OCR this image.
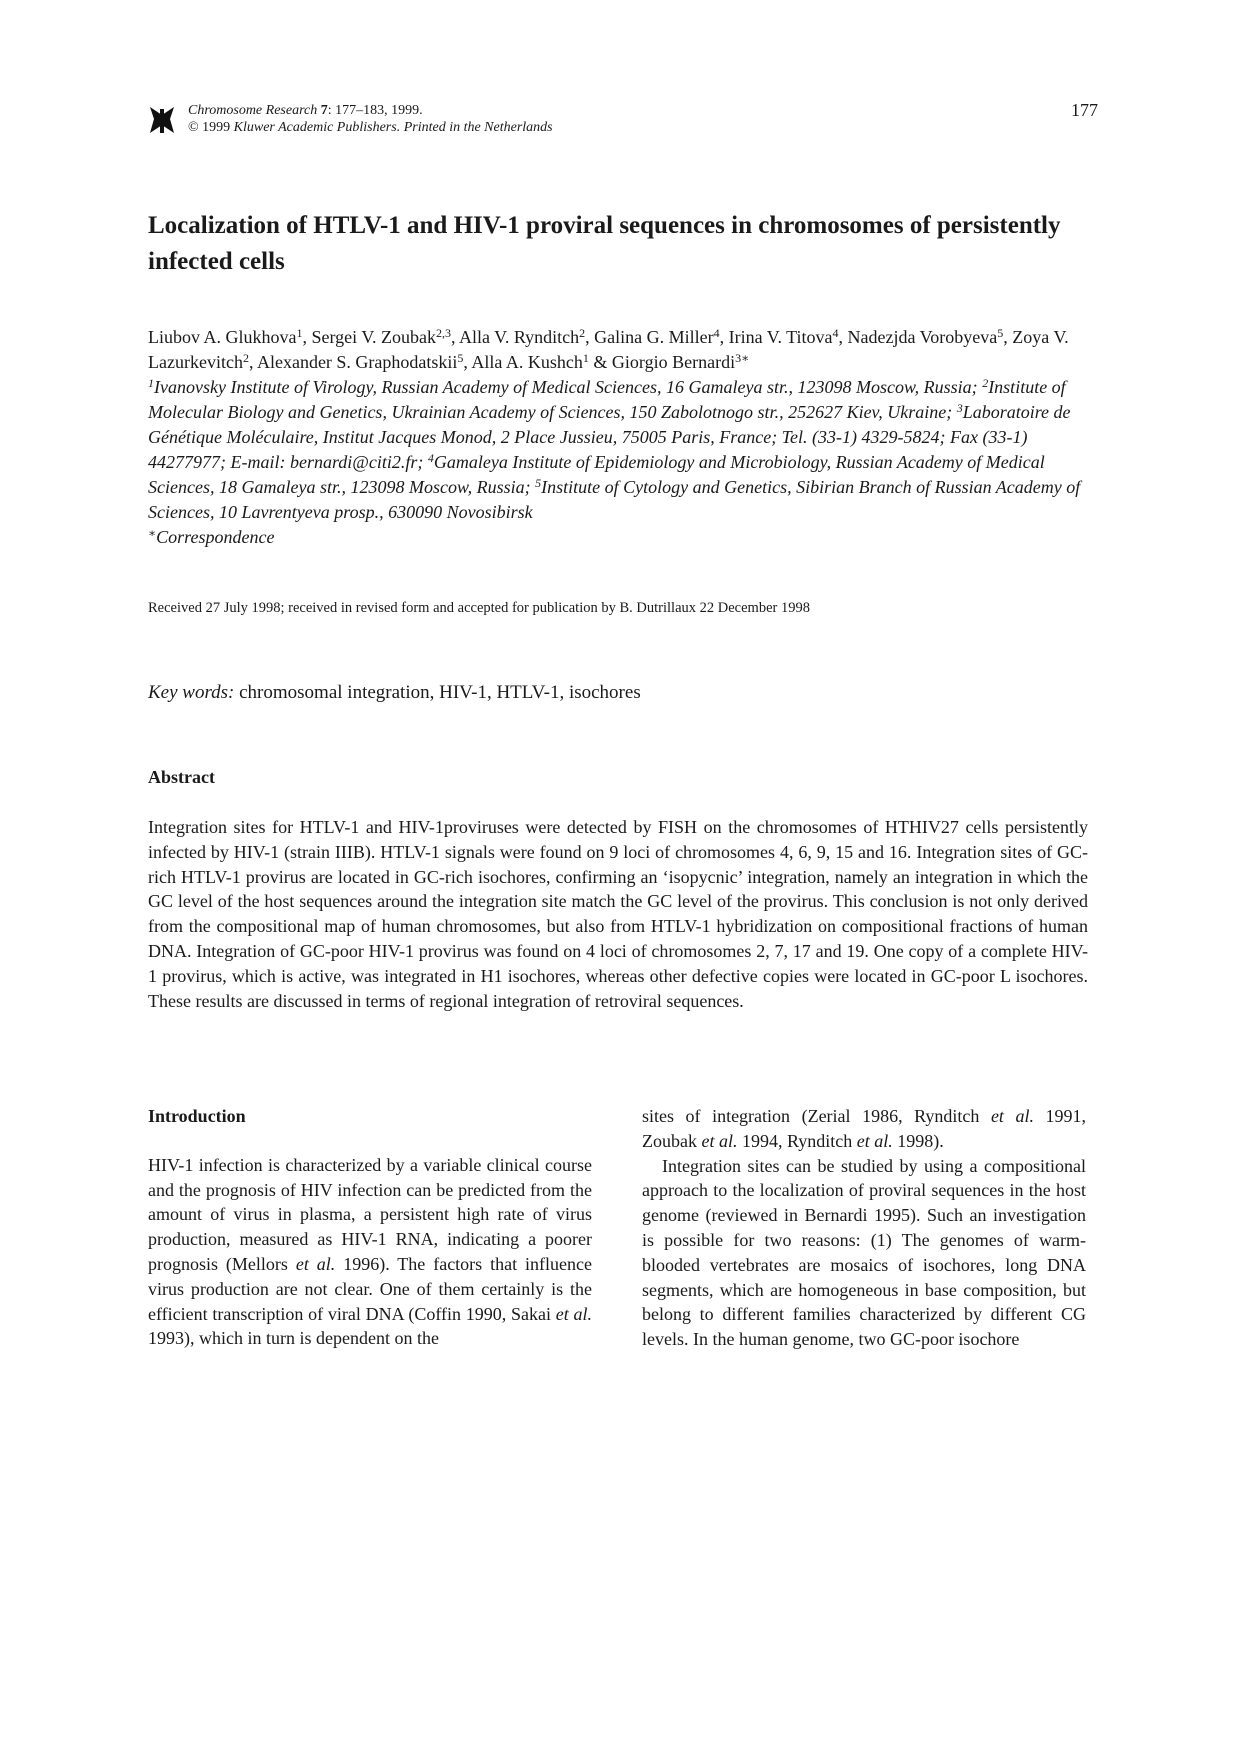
Chromosome Research 7: 177–183, 1999.
© 1999 Kluwer Academic Publishers. Printed in the Netherlands
177
Localization of HTLV-1 and HIV-1 proviral sequences in chromosomes of persistently infected cells
Liubov A. Glukhova$^1$, Sergei V. Zoubak$^{2,3}$, Alla V. Rynditch$^2$, Galina G. Miller$^4$, Irina V. Titova$^4$, Nadezjda Vorobyeva$^5$, Zoya V. Lazurkevitch$^2$, Alexander S. Graphodatskii$^5$, Alla A. Kushch$^1$ & Giorgio Bernardi$^{3∗}$
$^1$Ivanovsky Institute of Virology, Russian Academy of Medical Sciences, 16 Gamaleya str., 123098 Moscow, Russia; $^2$Institute of Molecular Biology and Genetics, Ukrainian Academy of Sciences, 150 Zabolotnogo str., 252627 Kiev, Ukraine; $^3$Laboratoire de Génétique Moléculaire, Institut Jacques Monod, 2 Place Jussieu, 75005 Paris, France; Tel. (33-1) 4329-5824; Fax (33-1) 44277977; E-mail: bernardi@citi2.fr; $^4$Gamaleya Institute of Epidemiology and Microbiology, Russian Academy of Medical Sciences, 18 Gamaleya str., 123098 Moscow, Russia; $^5$Institute of Cytology and Genetics, Sibirian Branch of Russian Academy of Sciences, 10 Lavrentyeva prosp., 630090 Novosibirsk
∗Correspondence
Received 27 July 1998; received in revised form and accepted for publication by B. Dutrillaux 22 December 1998
Key words: chromosomal integration, HIV-1, HTLV-1, isochores
Abstract
Integration sites for HTLV-1 and HIV-1proviruses were detected by FISH on the chromosomes of HTHIV27 cells persistently infected by HIV-1 (strain IIIB). HTLV-1 signals were found on 9 loci of chromosomes 4, 6, 9, 15 and 16. Integration sites of GC-rich HTLV-1 provirus are located in GC-rich isochores, confirming an ‘isopycnic’ integration, namely an integration in which the GC level of the host sequences around the integration site match the GC level of the provirus. This conclusion is not only derived from the compositional map of human chromosomes, but also from HTLV-1 hybridization on compositional fractions of human DNA. Integration of GC-poor HIV-1 provirus was found on 4 loci of chromosomes 2, 7, 17 and 19. One copy of a complete HIV-1 provirus, which is active, was integrated in H1 isochores, whereas other defective copies were located in GC-poor L isochores. These results are discussed in terms of regional integration of retroviral sequences.
Introduction

HIV-1 infection is characterized by a variable clinical course and the prognosis of HIV infection can be predicted from the amount of virus in plasma, a persistent high rate of virus production, measured as HIV-1 RNA, indicating a poorer prognosis (Mellors et al. 1996). The factors that influence virus production are not clear. One of them certainly is the efficient transcription of viral DNA (Coffin 1990, Sakai et al. 1993), which in turn is dependent on the

sites of integration (Zerial 1986, Rynditch et al. 1991, Zoubak et al. 1994, Rynditch et al. 1998).

Integration sites can be studied by using a compositional approach to the localization of proviral sequences in the host genome (reviewed in Bernardi 1995). Such an investigation is possible for two reasons: (1) The genomes of warm-blooded vertebrates are mosaics of isochores, long DNA segments, which are homogeneous in base composition, but belong to different families characterized by different CG levels. In the human genome, two GC-poor isochore
